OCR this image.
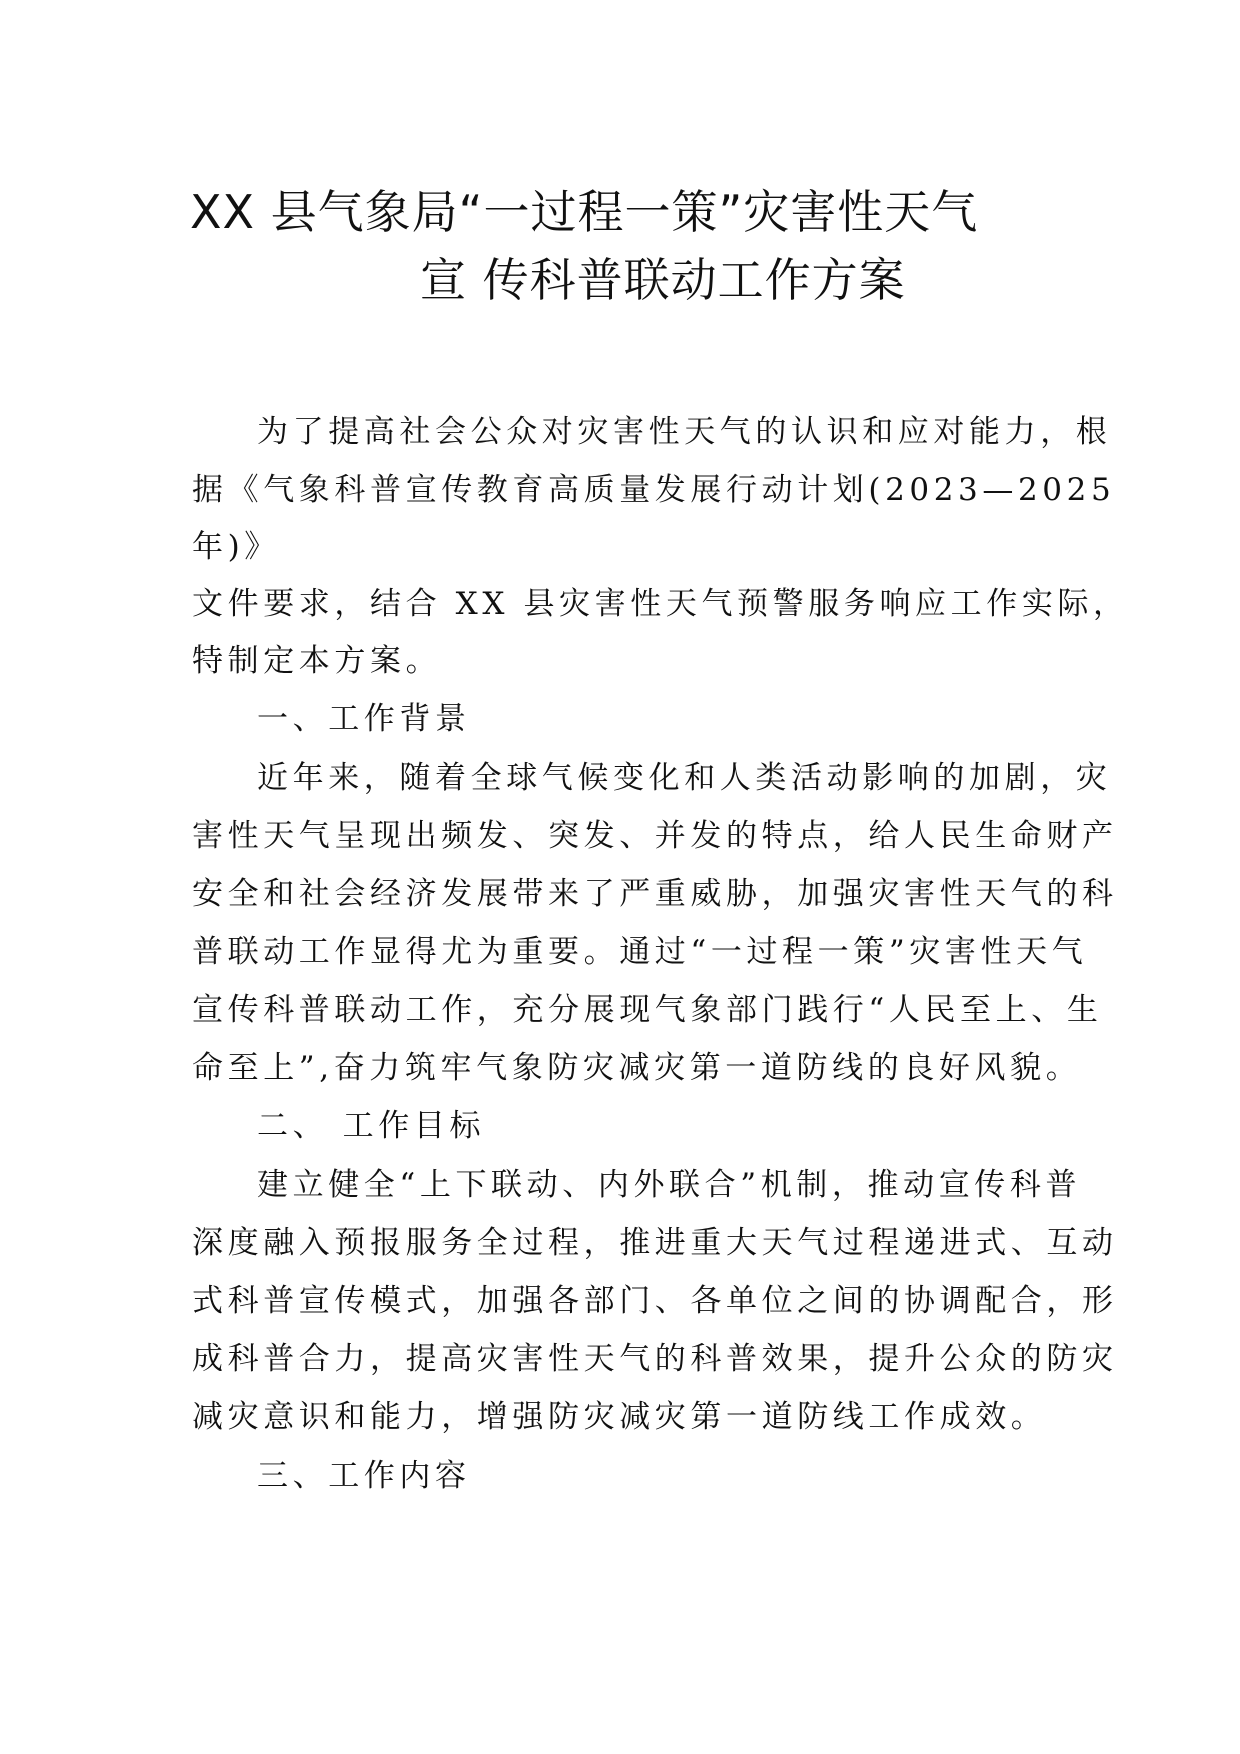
XX 县气象局“一过程一策”灾害性天气
宣 传科普联动工作方案
为了提高社会公众对灾害性天气的认识和应对能力，根
据《气象科普宣传教育高质量发展行动计划(2023—2025
年)》
文件要求，结合 XX 县灾害性天气预警服务响应工作实际，
特制定本方案。
一、工作背景
近年来，随着全球气候变化和人类活动影响的加剧，灾
害性天气呈现出频发、突发、并发的特点，给人民生命财产
安全和社会经济发展带来了严重威胁，加强灾害性天气的科
普联动工作显得尤为重要。通过“一过程一策”灾害性天气
宣传科普联动工作，充分展现气象部门践行“人民至上、生
命至上”,奋力筑牢气象防灾减灾第一道防线的良好风貌。
二、 工作目标
建立健全“上下联动、内外联合”机制，推动宣传科普
深度融入预报服务全过程，推进重大天气过程递进式、互动
式科普宣传模式，加强各部门、各单位之间的协调配合，形
成科普合力，提高灾害性天气的科普效果，提升公众的防灾
减灾意识和能力，增强防灾减灾第一道防线工作成效。
三、工作内容
